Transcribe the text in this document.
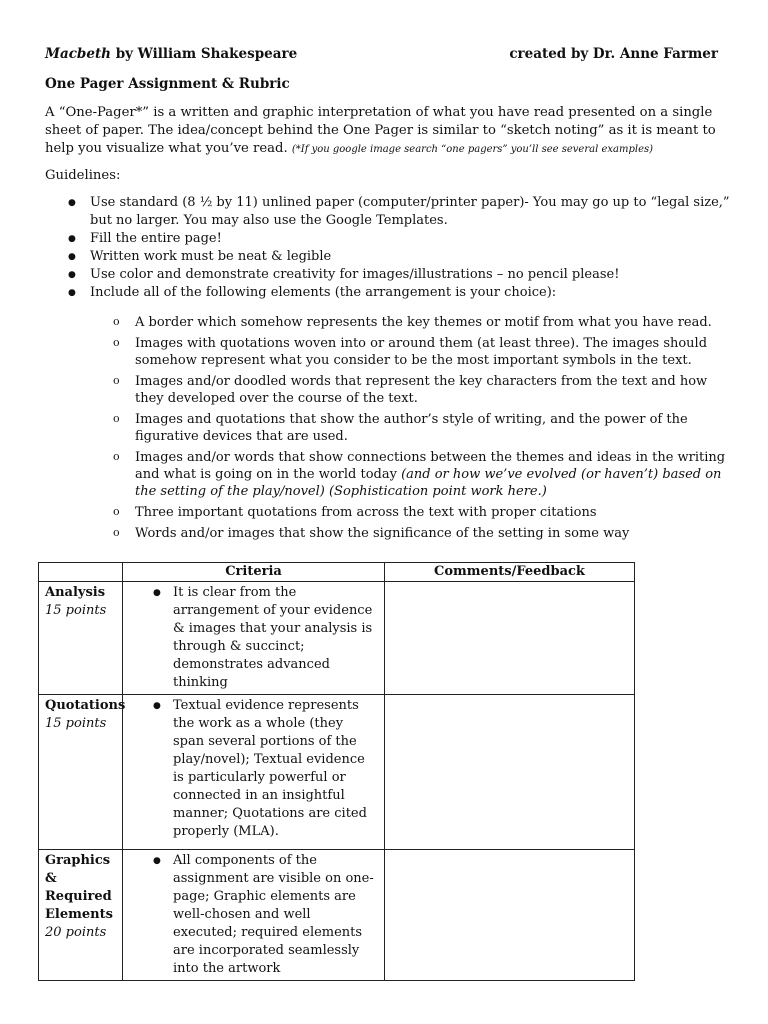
Macbeth by William Shakespeare	created by Dr. Anne Farmer
One Pager Assignment & Rubric
A “One-Pager*” is a written and graphic interpretation of what you have read presented on a single sheet of paper. The idea/concept behind the One Pager is similar to “sketch noting” as it is meant to help you visualize what you’ve read. (*If you google image search “one pagers” you’ll see several examples)
Guidelines:
● Use standard (8 ½ by 11) unlined paper (computer/printer paper)- You may go up to “legal size,” but no larger. You may also use the Google Templates.
● Fill the entire page!
● Written work must be neat & legible
● Use color and demonstrate creativity for images/illustrations – no pencil please!
● Include all of the following elements (the arrangement is your choice):
o A border which somehow represents the key themes or motif from what you have read.
o Images with quotations woven into or around them (at least three). The images should somehow represent what you consider to be the most important symbols in the text.
o Images and/or doodled words that represent the key characters from the text and how they developed over the course of the text.
o Images and quotations that show the author’s style of writing, and the power of the figurative devices that are used.
o Images and/or words that show connections between the themes and ideas in the writing and what is going on in the world today (and or how we’ve evolved (or haven’t) based on the setting of the play/novel) (Sophistication point work here.)
o Three important quotations from across the text with proper citations
o Words and/or images that show the significance of the setting in some way
	Criteria	Comments/Feedback

Analysis
15 points	● It is clear from the arrangement of your evidence & images that your analysis is through & succinct; demonstrates advanced thinking

Quotations
15 points	● Textual evidence represents the work as a whole (they span several portions of the play/novel); Textual evidence is particularly powerful or connected in an insightful manner; Quotations are cited properly (MLA).

Graphics & Required Elements
20 points	● All components of the assignment are visible on one-page; Graphic elements are well-chosen and well executed; required elements are incorporated seamlessly into the artwork
